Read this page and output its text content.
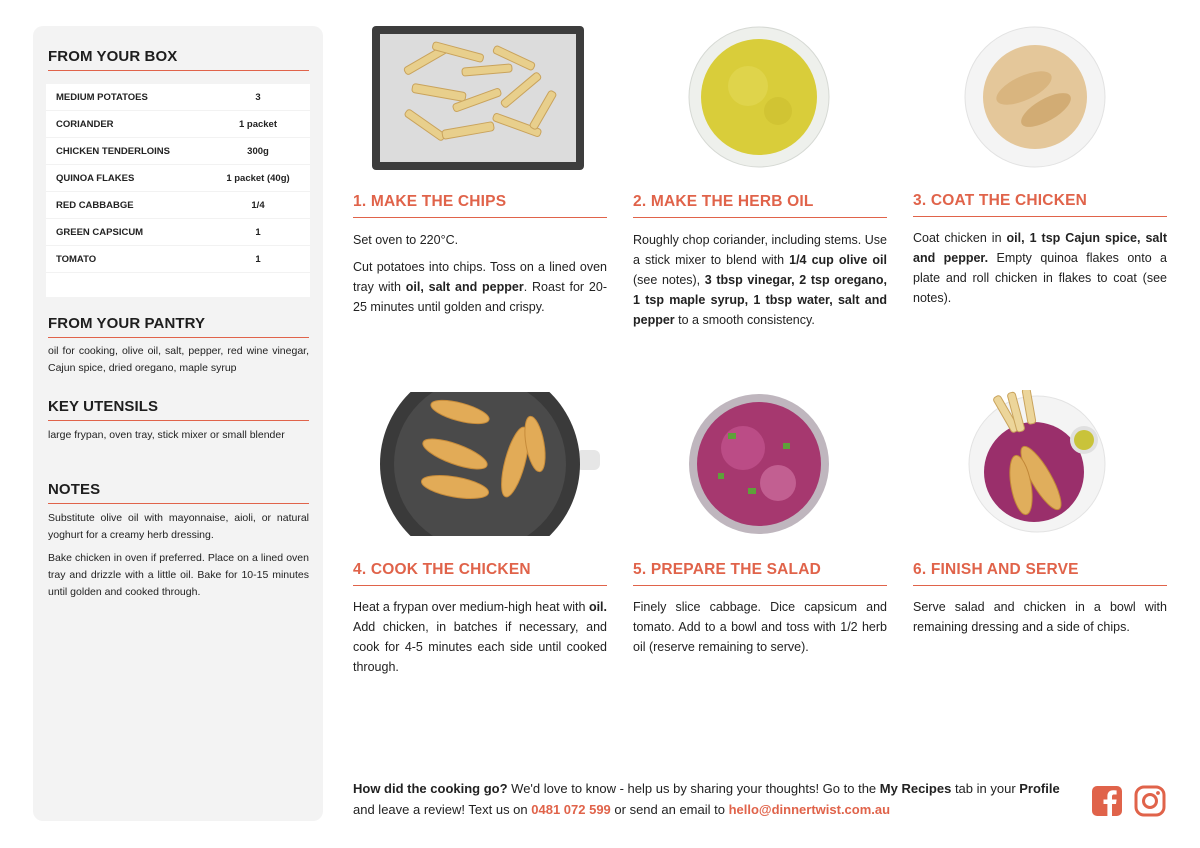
FROM YOUR BOX
MEDIUM POTATOES	3
CORIANDER	1 packet
CHICKEN TENDERLOINS	300g
QUINOA FLAKES	1 packet (40g)
RED CABBABGE	1/4
GREEN CAPSICUM	1
TOMATO	1

FROM YOUR PANTRY
oil for cooking, olive oil, salt, pepper, red wine vinegar, Cajun spice, dried oregano, maple syrup
KEY UTENSILS
large frypan, oven tray, stick mixer or small blender
NOTES

Substitute olive oil with mayonnaise, aioli, or natural yoghurt for a creamy herb dressing.

Bake chicken in oven if preferred. Place on a lined oven tray and drizzle with a little oil. Bake for 10-15 minutes until golden and cooked through.

1. MAKE THE CHIPS

Set oven to 220°C.

Cut potatoes into chips. Toss on a lined oven tray with oil, salt and pepper. Roast for 20-25 minutes until golden and crispy.

2. MAKE THE HERB OIL

Roughly chop coriander, including stems. Use a stick mixer to blend with 1/4 cup olive oil (see notes), 3 tbsp vinegar, 2 tsp oregano, 1 tsp maple syrup, 1 tbsp water, salt and pepper to a smooth consistency.

3. COAT THE CHICKEN

Coat chicken in oil, 1 tsp Cajun spice, salt and pepper. Empty quinoa flakes onto a plate and roll chicken in flakes to coat (see notes).

4. COOK THE CHICKEN

Heat a frypan over medium-high heat with oil. Add chicken, in batches if necessary, and cook for 4-5 minutes each side until cooked through.

5. PREPARE THE SALAD

Finely slice cabbage. Dice capsicum and tomato. Add to a bowl and toss with 1/2 herb oil (reserve remaining to serve).

6. FINISH AND SERVE

Serve salad and chicken in a bowl with remaining dressing and a side of chips.

How did the cooking go? We'd love to know - help us by sharing your thoughts! Go to the My Recipes tab in your Profile and leave a review! Text us on 0481 072 599 or send an email to hello@dinnertwist.com.au
